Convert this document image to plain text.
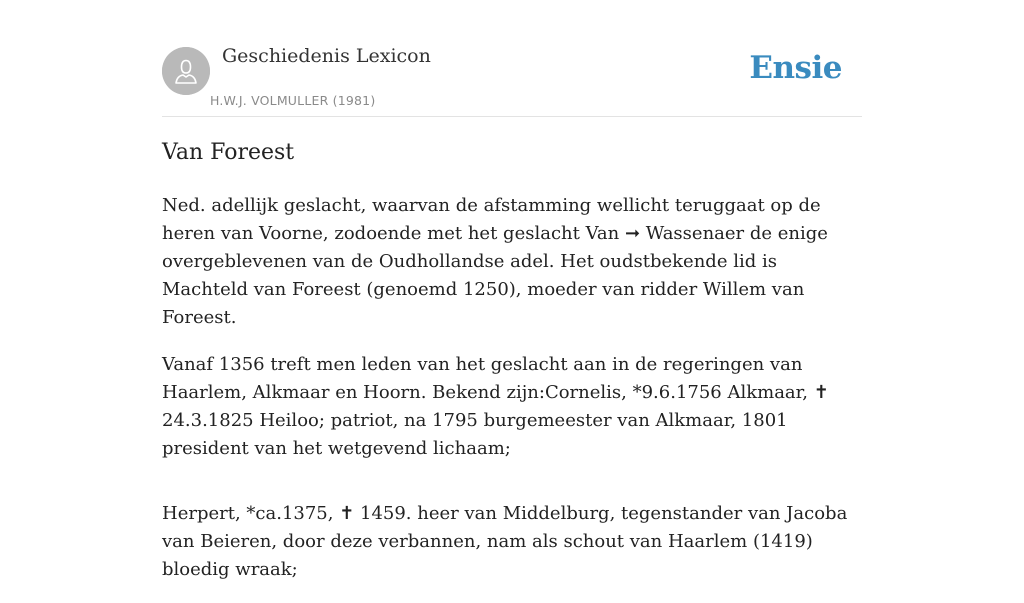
Geschiedenis Lexicon
H.W.J. VOLMULLER (1981)
Ensie
Van Foreest

Ned. adellijk geslacht, waarvan de afstamming wellicht teruggaat op de heren van Voorne, zodoende met het geslacht Van ➞ Wassenaer de enige overgeblevenen van de Oudhollandse adel. Het oudstbekende lid is Machteld van Foreest (genoemd 1250), moeder van ridder Willem van Foreest.

Vanaf 1356 treft men leden van het geslacht aan in de regeringen van Haarlem, Alkmaar en Hoorn. Bekend zijn:Cornelis, *9.6.1756 Alkmaar, ✝ 24.3.1825 Heiloo; patriot, na 1795 burgemeester van Alkmaar, 1801 president van het wetgevend lichaam;

Herpert, *ca.1375, ✝ 1459. heer van Middelburg, tegenstander van Jacoba van Beieren, door deze verbannen, nam als schout van Haarlem (1419) bloedig wraak;
